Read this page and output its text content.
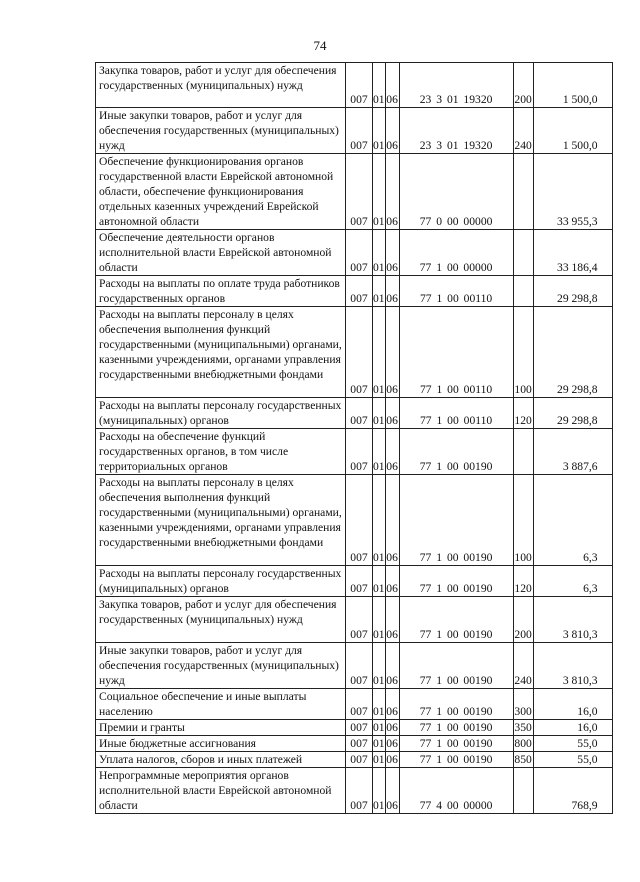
74
Закупка товаров, работ и услуг для обеспечения государственных (муниципальных) нужд	007	01	06	23 3 01 19320	200	1 500,0
Иные закупки товаров, работ и услуг для обеспечения государственных (муниципальных) нужд	007	01	06	23 3 01 19320	240	1 500,0
Обеспечение функционирования органов государственной власти Еврейской автономной области, обеспечение функционирования отдельных казенных учреждений Еврейской автономной области	007	01	06	77 0 00 00000		33 955,3
Обеспечение деятельности органов исполнительной власти Еврейской автономной области	007	01	06	77 1 00 00000		33 186,4
Расходы на выплаты по оплате труда работников государственных органов	007	01	06	77 1 00 00110		29 298,8
Расходы на выплаты персоналу в целях обеспечения выполнения функций государственными (муниципальными) органами, казенными учреждениями, органами управления государственными внебюджетными фондами	007	01	06	77 1 00 00110	100	29 298,8
Расходы на выплаты персоналу государственных (муниципальных) органов	007	01	06	77 1 00 00110	120	29 298,8
Расходы на обеспечение функций государственных органов, в том числе территориальных органов	007	01	06	77 1 00 00190		3 887,6
Расходы на выплаты персоналу в целях обеспечения выполнения функций государственными (муниципальными) органами, казенными учреждениями, органами управления государственными внебюджетными фондами	007	01	06	77 1 00 00190	100	6,3
Расходы на выплаты персоналу государственных (муниципальных) органов	007	01	06	77 1 00 00190	120	6,3
Закупка товаров, работ и услуг для обеспечения государственных (муниципальных) нужд	007	01	06	77 1 00 00190	200	3 810,3
Иные закупки товаров, работ и услуг для обеспечения государственных (муниципальных) нужд	007	01	06	77 1 00 00190	240	3 810,3
Социальное обеспечение и иные выплаты населению	007	01	06	77 1 00 00190	300	16,0
Премии и гранты	007	01	06	77 1 00 00190	350	16,0
Иные бюджетные ассигнования	007	01	06	77 1 00 00190	800	55,0
Уплата налогов, сборов и иных платежей	007	01	06	77 1 00 00190	850	55,0
Непрограммные мероприятия органов исполнительной власти Еврейской автономной области	007	01	06	77 4 00 00000		768,9
